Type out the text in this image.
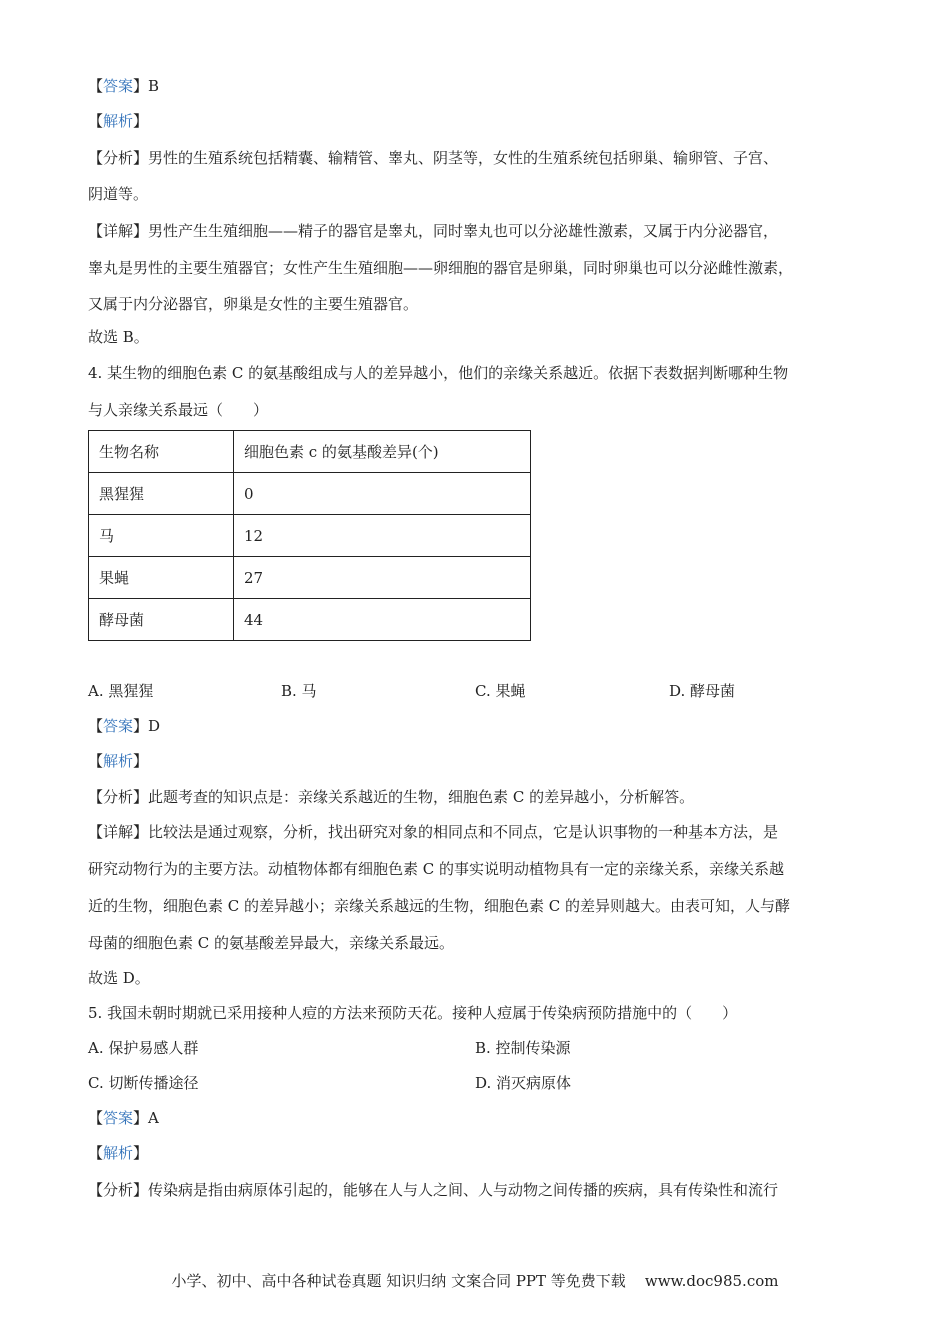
【答案】B
【解析】
【分析】男性的生殖系统包括精囊、输精管、睾丸、阴茎等，女性的生殖系统包括卵巢、输卵管、子宫、
阴道等。
【详解】男性产生生殖细胞——精子的器官是睾丸，同时睾丸也可以分泌雄性激素，又属于内分泌器官，
睾丸是男性的主要生殖器官；女性产生生殖细胞——卵细胞的器官是卵巢，同时卵巢也可以分泌雌性激素，
又属于内分泌器官，卵巢是女性的主要生殖器官。
故选 B。
4. 某生物的细胞色素 C 的氨基酸组成与人的差异越小，他们的亲缘关系越近。依据下表数据判断哪种生物
与人亲缘关系最远（　　）
生物名称	细胞色素 c 的氨基酸差异(个)
黑猩猩	0
马	12
果蝇	27
酵母菌	44
A. 黑猩猩	B. 马	C. 果蝇	D. 酵母菌
【答案】D
【解析】
【分析】此题考查的知识点是：亲缘关系越近的生物，细胞色素 C 的差异越小，分析解答。
【详解】比较法是通过观察，分析，找出研究对象的相同点和不同点，它是认识事物的一种基本方法，是
研究动物行为的主要方法。动植物体都有细胞色素 C 的事实说明动植物具有一定的亲缘关系，亲缘关系越
近的生物，细胞色素 C 的差异越小；亲缘关系越远的生物，细胞色素 C 的差异则越大。由表可知，人与酵
母菌的细胞色素 C 的氨基酸差异最大，亲缘关系最远。
故选 D。
5. 我国未朝时期就已采用接种人痘的方法来预防天花。接种人痘属于传染病预防措施中的（　　）
A. 保护易感人群	B. 控制传染源
C. 切断传播途径	D. 消灭病原体
【答案】A
【解析】
【分析】传染病是指由病原体引起的，能够在人与人之间、人与动物之间传播的疾病，具有传染性和流行
小学、初中、高中各种试卷真题 知识归纳 文案合同 PPT 等免费下载 www.doc985.com
